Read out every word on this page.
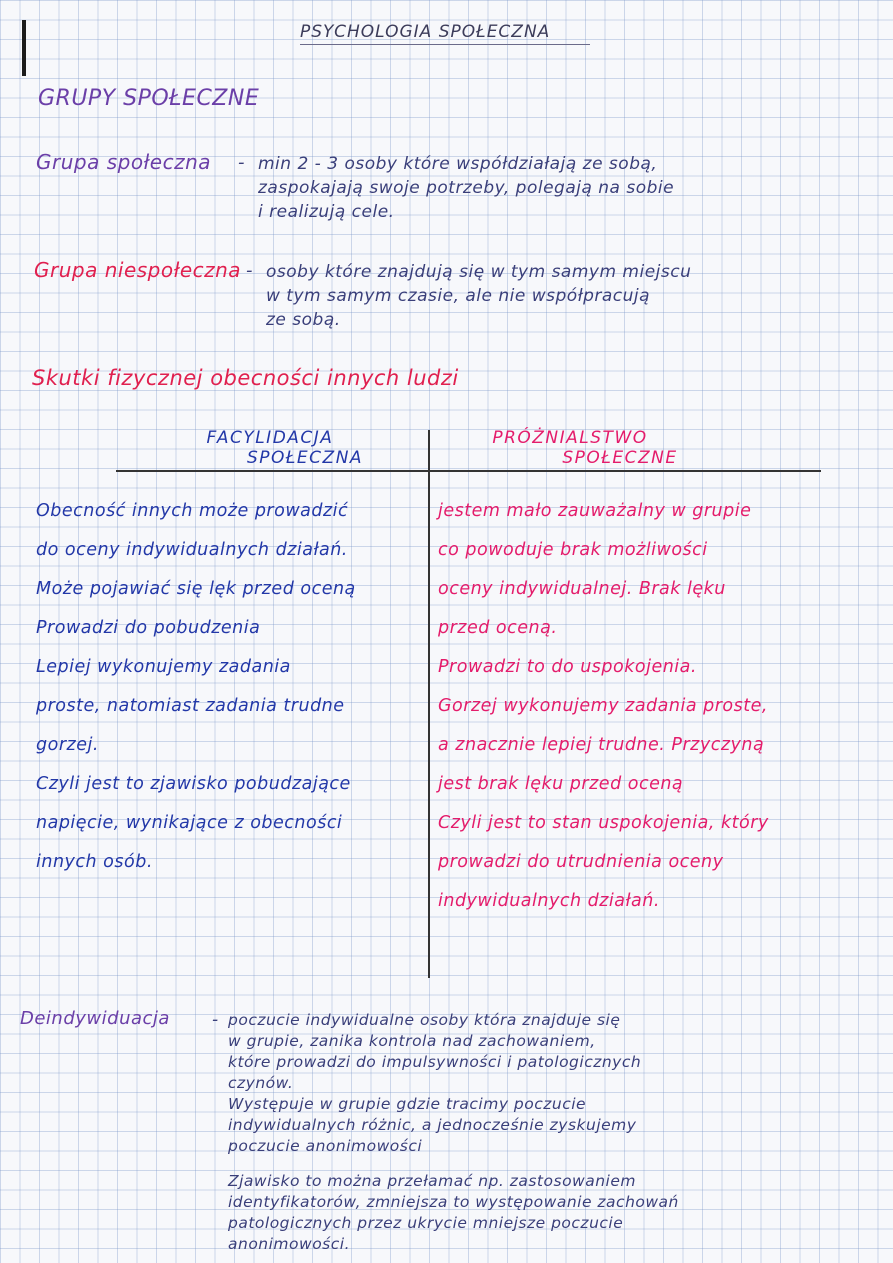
PSYCHOLOGIA SPOŁECZNA
GRUPY SPOŁECZNE
Grupa społeczna - min 2 - 3 osoby które współdziałają ze sobą,
zaspokajają swoje potrzeby, polegają na sobie
i realizują cele.
Grupa niespołeczna - osoby które znajdują się w tym samym miejscu
w tym samym czasie, ale nie współpracują
ze sobą.
Skutki fizycznej obecności innych ludzi
FACYLIDACJA
SPOŁECZNA
PRÓŻNIALSTWO
SPOŁECZNE
Obecność innych może prowadzić
do oceny indywidualnych działań.
Może pojawiać się lęk przed oceną
Prowadzi do pobudzenia
Lepiej wykonujemy zadania
proste, natomiast zadania trudne
gorzej.
Czyli jest to zjawisko pobudzające
napięcie, wynikające z obecności
innych osób.
jestem mało zauważalny w grupie
co powoduje brak możliwości
oceny indywidualnej. Brak lęku
przed oceną.
Prowadzi to do uspokojenia.
Gorzej wykonujemy zadania proste,
a znacznie lepiej trudne. Przyczyną
jest brak lęku przed oceną
Czyli jest to stan uspokojenia, który
prowadzi do utrudnienia oceny
indywidualnych działań.
Deindywiduacja - poczucie indywidualne osoby która znajduje się
w grupie, zanika kontrola nad zachowaniem,
które prowadzi do impulsywności i patologicznych
czynów.
Występuje w grupie gdzie tracimy poczucie
indywidualnych różnic, a jednocześnie zyskujemy
poczucie anonimowości
Zjawisko to można przełamać np. zastosowaniem
identyfikatorów, zmniejsza to występowanie zachowań
patologicznych przez ukrycie mniejsze poczucie
anonimowości.
